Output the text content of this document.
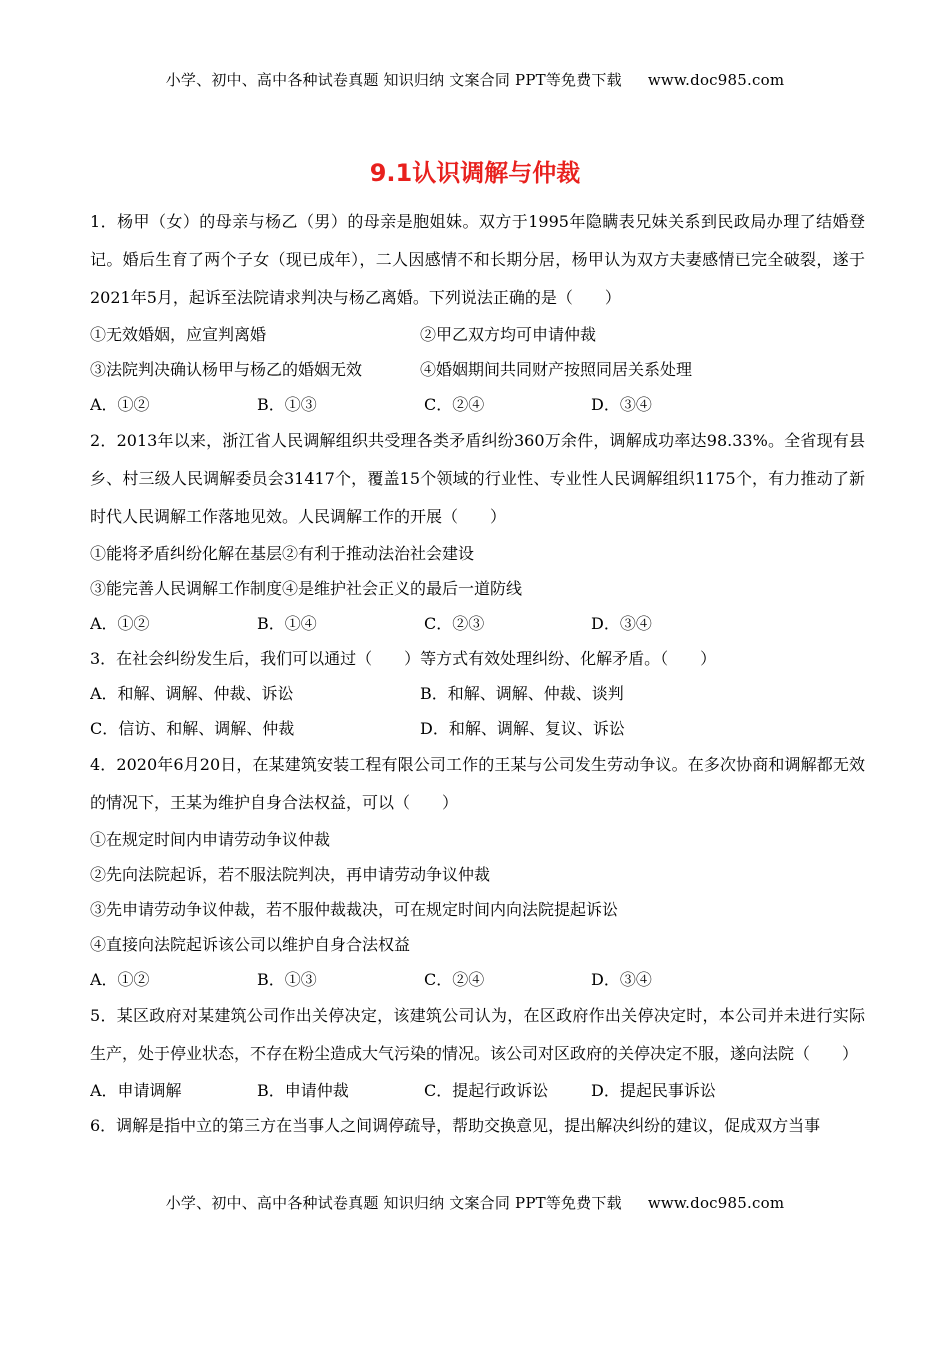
小学、初中、高中各种试卷真题 知识归纳 文案合同 PPT等免费下载 www.doc985.com
9.1认识调解与仲裁
1．杨甲（女）的母亲与杨乙（男）的母亲是胞姐妹。双方于1995年隐瞒表兄妹关系到民政局办理了结婚登记。婚后生育了两个子女（现已成年），二人因感情不和长期分居，杨甲认为双方夫妻感情已完全破裂，遂于2021年5月，起诉至法院请求判决与杨乙离婚。下列说法正确的是（　　）
①无效婚姻，应宣判离婚	②甲乙双方均可申请仲裁
③法院判决确认杨甲与杨乙的婚姻无效	④婚姻期间共同财产按照同居关系处理
A．①②	B．①③	C．②④	D．③④
2．2013年以来，浙江省人民调解组织共受理各类矛盾纠纷360万余件，调解成功率达98.33%。全省现有县乡、村三级人民调解委员会31417个，覆盖15个领域的行业性、专业性人民调解组织1175个，有力推动了新时代人民调解工作落地见效。人民调解工作的开展（　　）
①能将矛盾纠纷化解在基层②有利于推动法治社会建设
③能完善人民调解工作制度④是维护社会正义的最后一道防线
A．①②	B．①④	C．②③	D．③④
3．在社会纠纷发生后，我们可以通过（　　）等方式有效处理纠纷、化解矛盾。（　　）
A．和解、调解、仲裁、诉讼	B．和解、调解、仲裁、谈判
C．信访、和解、调解、仲裁	D．和解、调解、复议、诉讼
4．2020年6月20日，在某建筑安装工程有限公司工作的王某与公司发生劳动争议。在多次协商和调解都无效的情况下，王某为维护自身合法权益，可以（　　）
①在规定时间内申请劳动争议仲裁
②先向法院起诉，若不服法院判决，再申请劳动争议仲裁
③先申请劳动争议仲裁，若不服仲裁裁决，可在规定时间内向法院提起诉讼
④直接向法院起诉该公司以维护自身合法权益
A．①②	B．①③	C．②④	D．③④
5．某区政府对某建筑公司作出关停决定，该建筑公司认为，在区政府作出关停决定时，本公司并未进行实际生产，处于停业状态，不存在粉尘造成大气污染的情况。该公司对区政府的关停决定不服，遂向法院（　　）
A．申请调解	B．申请仲裁	C．提起行政诉讼	D．提起民事诉讼
6．调解是指中立的第三方在当事人之间调停疏导，帮助交换意见，提出解决纠纷的建议，促成双方当事
小学、初中、高中各种试卷真题 知识归纳 文案合同 PPT等免费下载 www.doc985.com
